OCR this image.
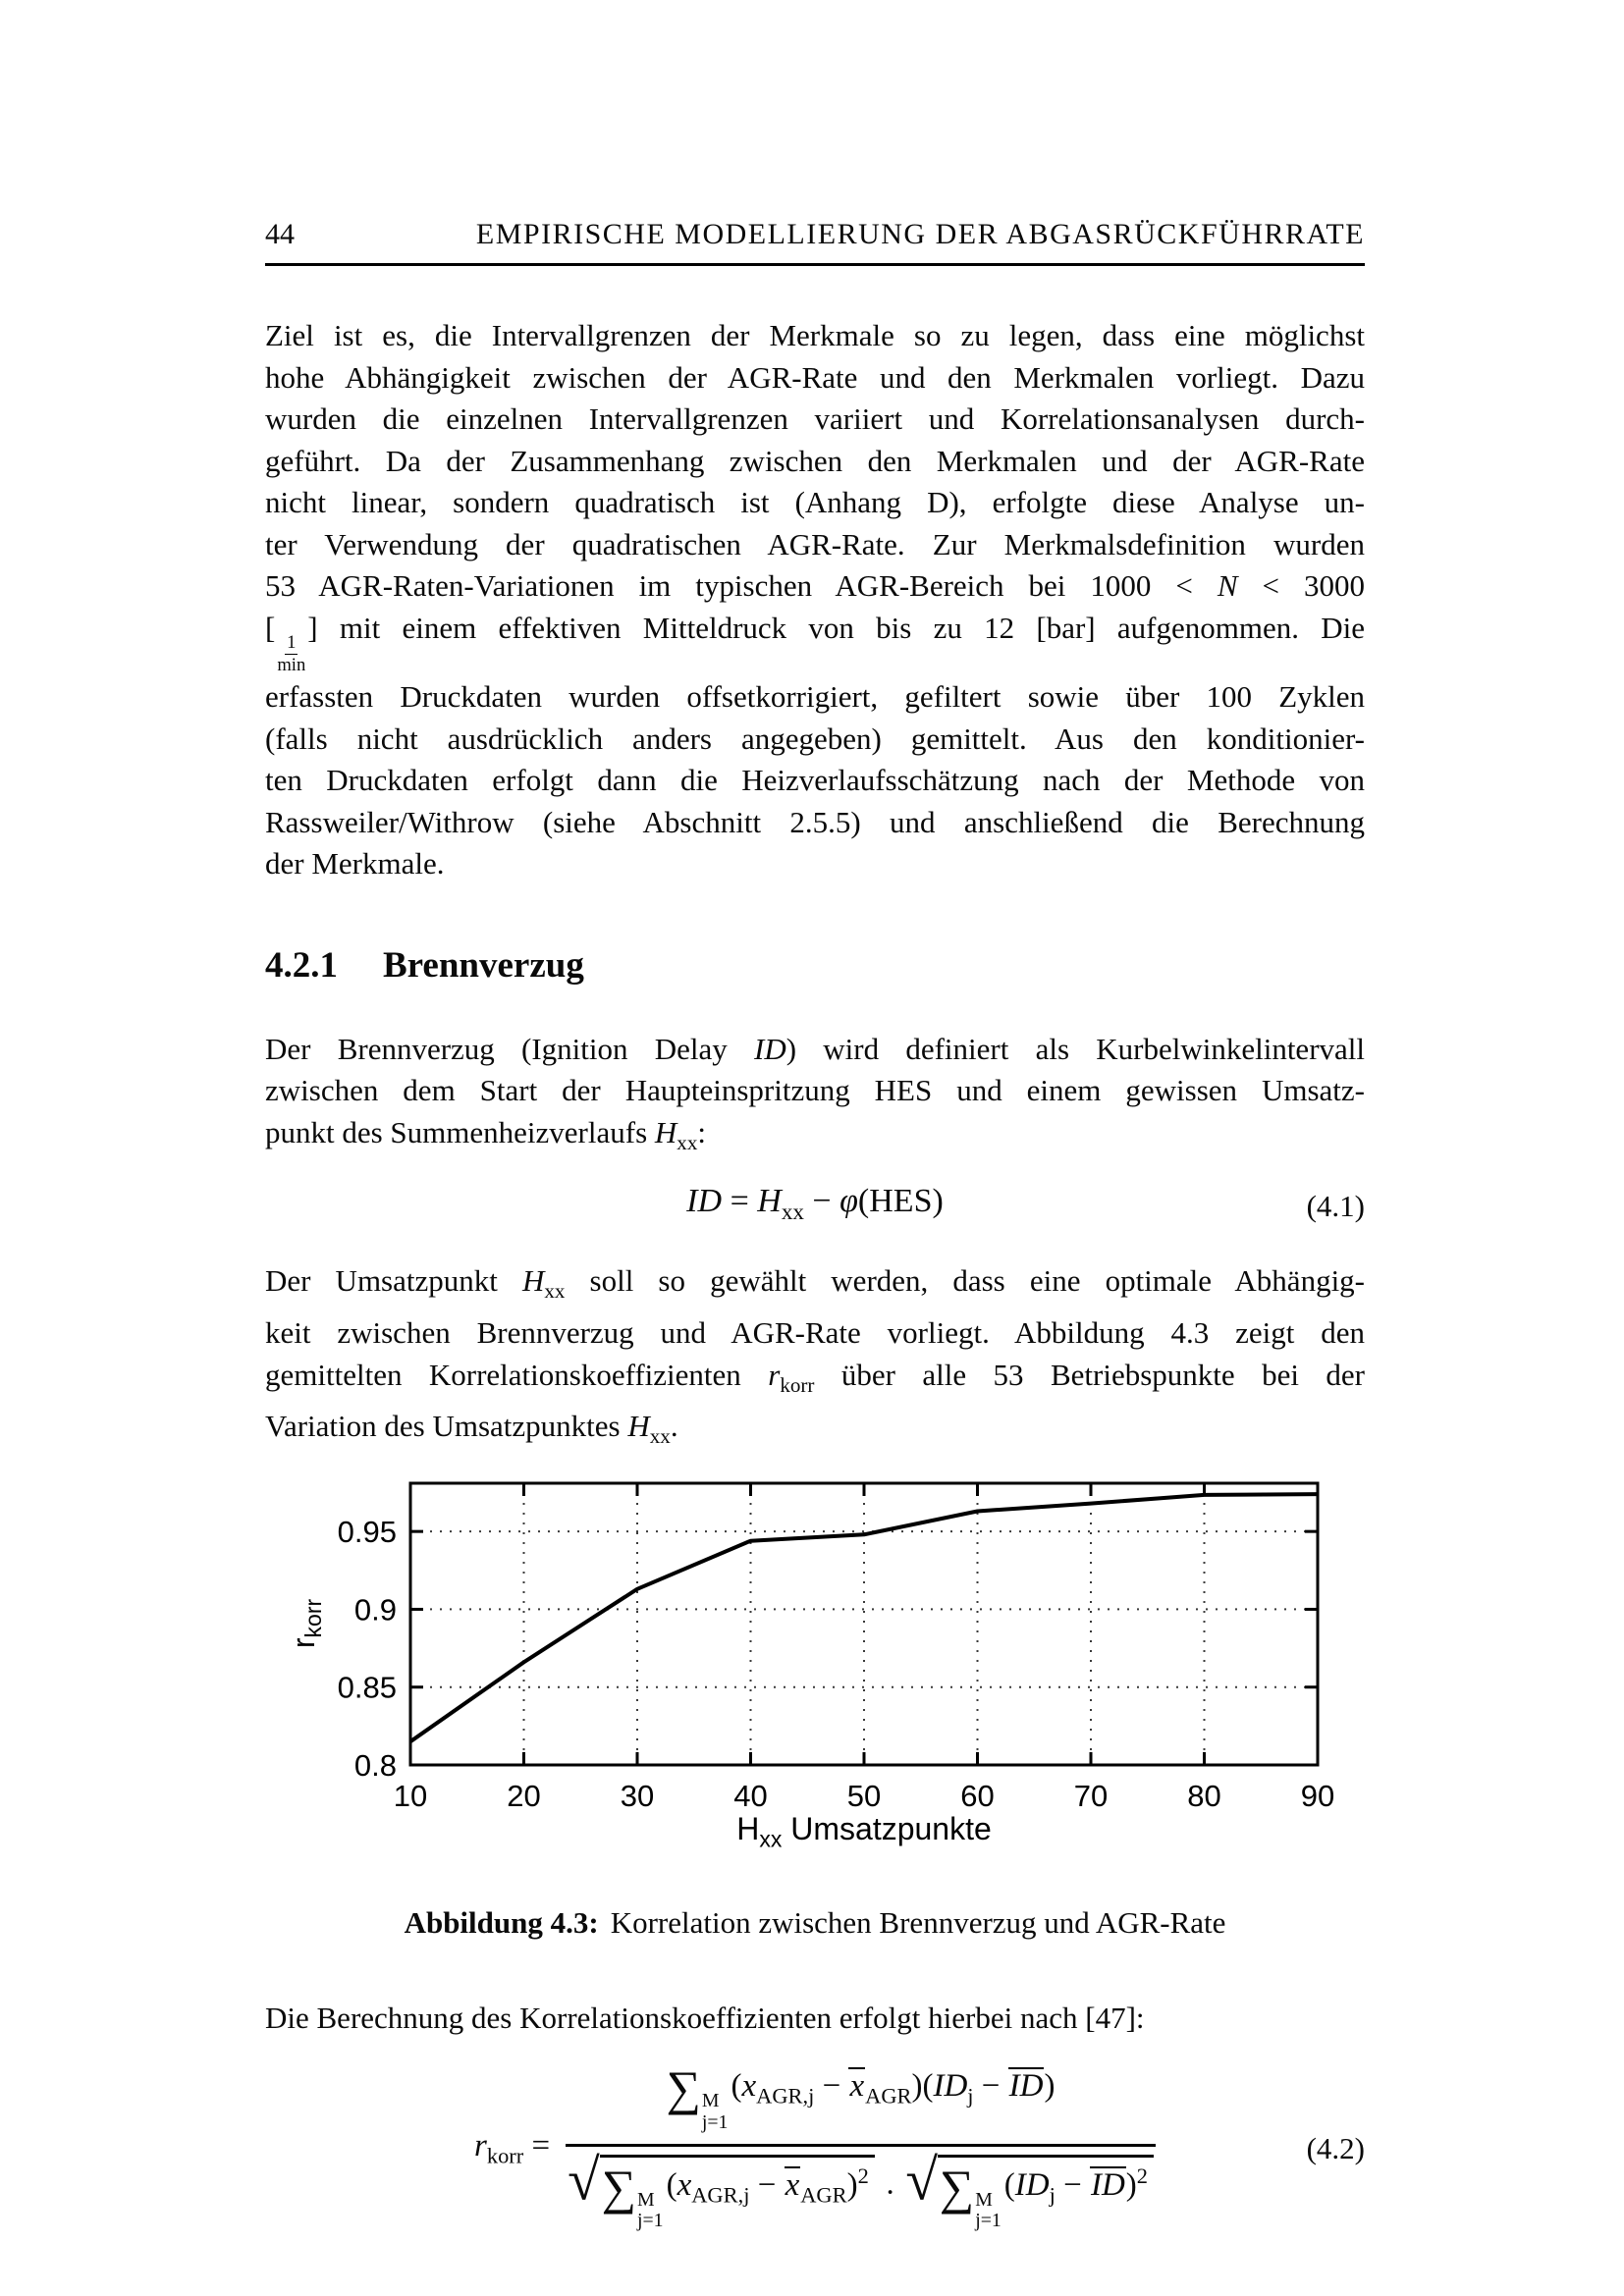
44	EMPIRISCHE MODELLIERUNG DER ABGASRÜCKFÜHRRATE
Ziel ist es, die Intervallgrenzen der Merkmale so zu legen, dass eine möglichst
hohe Abhängigkeit zwischen der AGR-Rate und den Merkmalen vorliegt. Dazu
wurden die einzelnen Intervallgrenzen variiert und Korrelationsanalysen durch-
geführt. Da der Zusammenhang zwischen den Merkmalen und der AGR-Rate
nicht linear, sondern quadratisch ist (Anhang D), erfolgte diese Analyse un-
ter Verwendung der quadratischen AGR-Rate. Zur Merkmalsdefinition wurden
53 AGR-Raten-Variationen im typischen AGR-Bereich bei 1000 < N < 3000
[ 1
min
] mit einem effektiven Mitteldruck von bis zu 12 [bar] aufgenommen. Die
erfassten Druckdaten wurden offsetkorrigiert, gefiltert sowie über 100 Zyklen
(falls nicht ausdrücklich anders angegeben) gemittelt. Aus den konditionier-
ten Druckdaten erfolgt dann die Heizverlaufsschätzung nach der Methode von
Rassweiler/Withrow (siehe Abschnitt 2.5.5) und anschließend die Berechnung
der Merkmale.
4.2.1 Brennverzug
Der Brennverzug (Ignition Delay ID) wird definiert als Kurbelwinkelintervall
zwischen dem Start der Haupteinspritzung HES und einem gewissen Umsatz-
punkt des Summenheizverlaufs $H_{xx}$:
ID = $H_{xx} - \varphi(HES)$	(4.1)
Der Umsatzpunkt $H_{xx}$ soll so gewählt werden, dass eine optimale Abhängig-
keit zwischen Brennverzug und AGR-Rate vorliegt. Abbildung 4.3 zeigt den
gemittelten Korrelationskoeffizienten $r_{korr}$ über alle 53 Betriebspunkte bei der
Variation des Umsatzpunktes $H_{xx}$.
10	20	30	40	50	60	70	80	90
0.8
0.85
0.9
0.95
$r_{korr}$
$H_{xx}$ Umsatzpunkte
Abbildung 4.3: Korrelation zwischen Brennverzug und AGR-Rate
Die Berechnung des Korrelationskoeffizienten erfolgt hierbei nach [47]:
$r_{korr}$ = ∑ M
j=1
$(x_{AGR,j} - x_{AGR})(ID_j - ID)$
√ ∑ M
j=1
$(x_{AGR,j} - x_{AGR})^2$ · √ ∑ M
j=1
$(ID_j - ID)^2$	(4.2)
